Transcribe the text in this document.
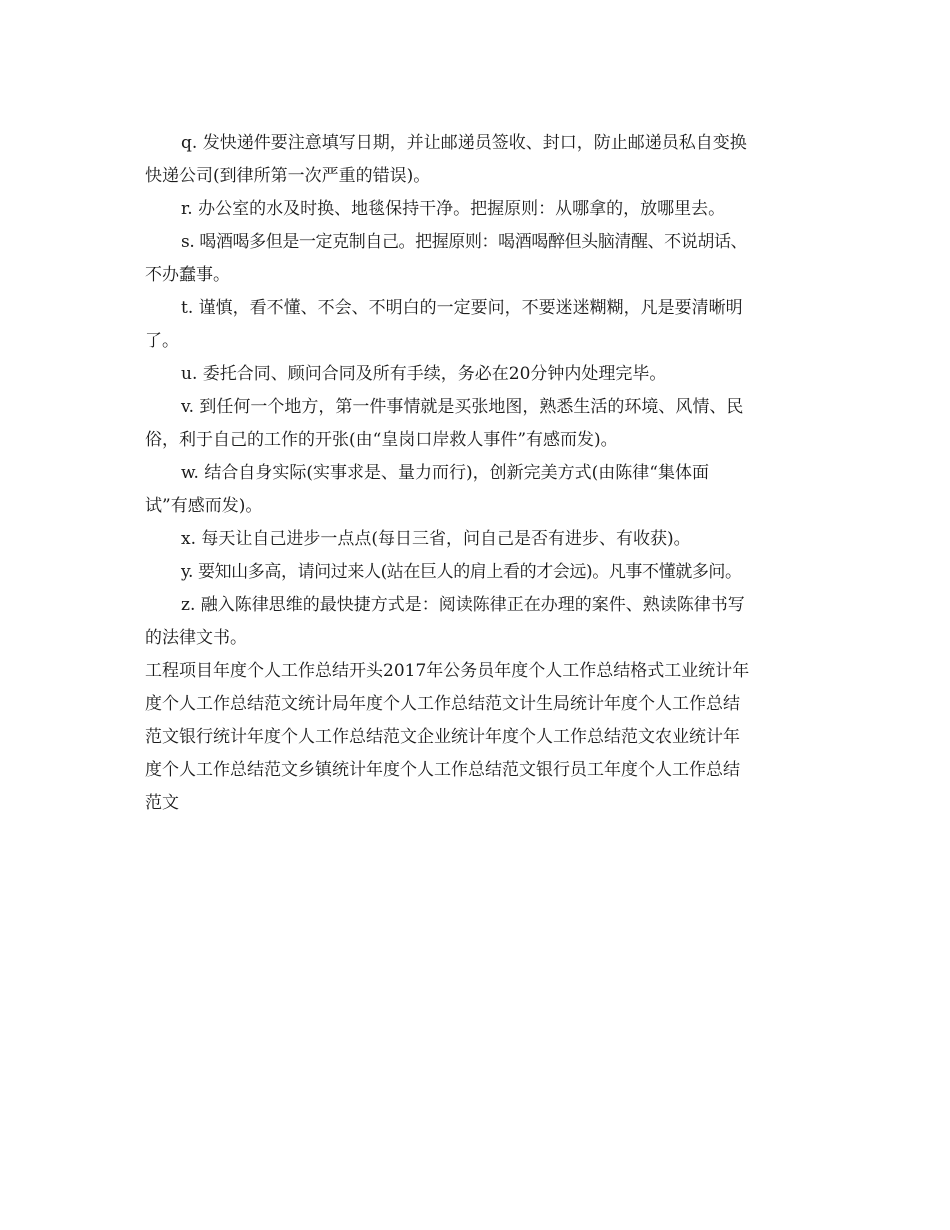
q. 发快递件要注意填写日期，并让邮递员签收、封口，防止邮递员私自变换
快递公司(到律所第一次严重的错误)。
r. 办公室的水及时换、地毯保持干净。把握原则：从哪拿的，放哪里去。
s. 喝酒喝多但是一定克制自己。把握原则：喝酒喝醉但头脑清醒、不说胡话、
不办蠢事。
t. 谨慎，看不懂、不会、不明白的一定要问，不要迷迷糊糊，凡是要清晰明
了。
u. 委托合同、顾问合同及所有手续，务必在20分钟内处理完毕。
v. 到任何一个地方，第一件事情就是买张地图，熟悉生活的环境、风情、民
俗，利于自己的工作的开张(由“皇岗口岸救人事件”有感而发)。
w. 结合自身实际(实事求是、量力而行)，创新完美方式(由陈律“集体面
试”有感而发)。
x. 每天让自己进步一点点(每日三省，问自己是否有进步、有收获)。
y. 要知山多高，请问过来人(站在巨人的肩上看的才会远)。凡事不懂就多问。
z. 融入陈律思维的最快捷方式是：阅读陈律正在办理的案件、熟读陈律书写
的法律文书。
工程项目年度个人工作总结开头2017年公务员年度个人工作总结格式工业统计年
度个人工作总结范文统计局年度个人工作总结范文计生局统计年度个人工作总结
范文银行统计年度个人工作总结范文企业统计年度个人工作总结范文农业统计年
度个人工作总结范文乡镇统计年度个人工作总结范文银行员工年度个人工作总结
范文
